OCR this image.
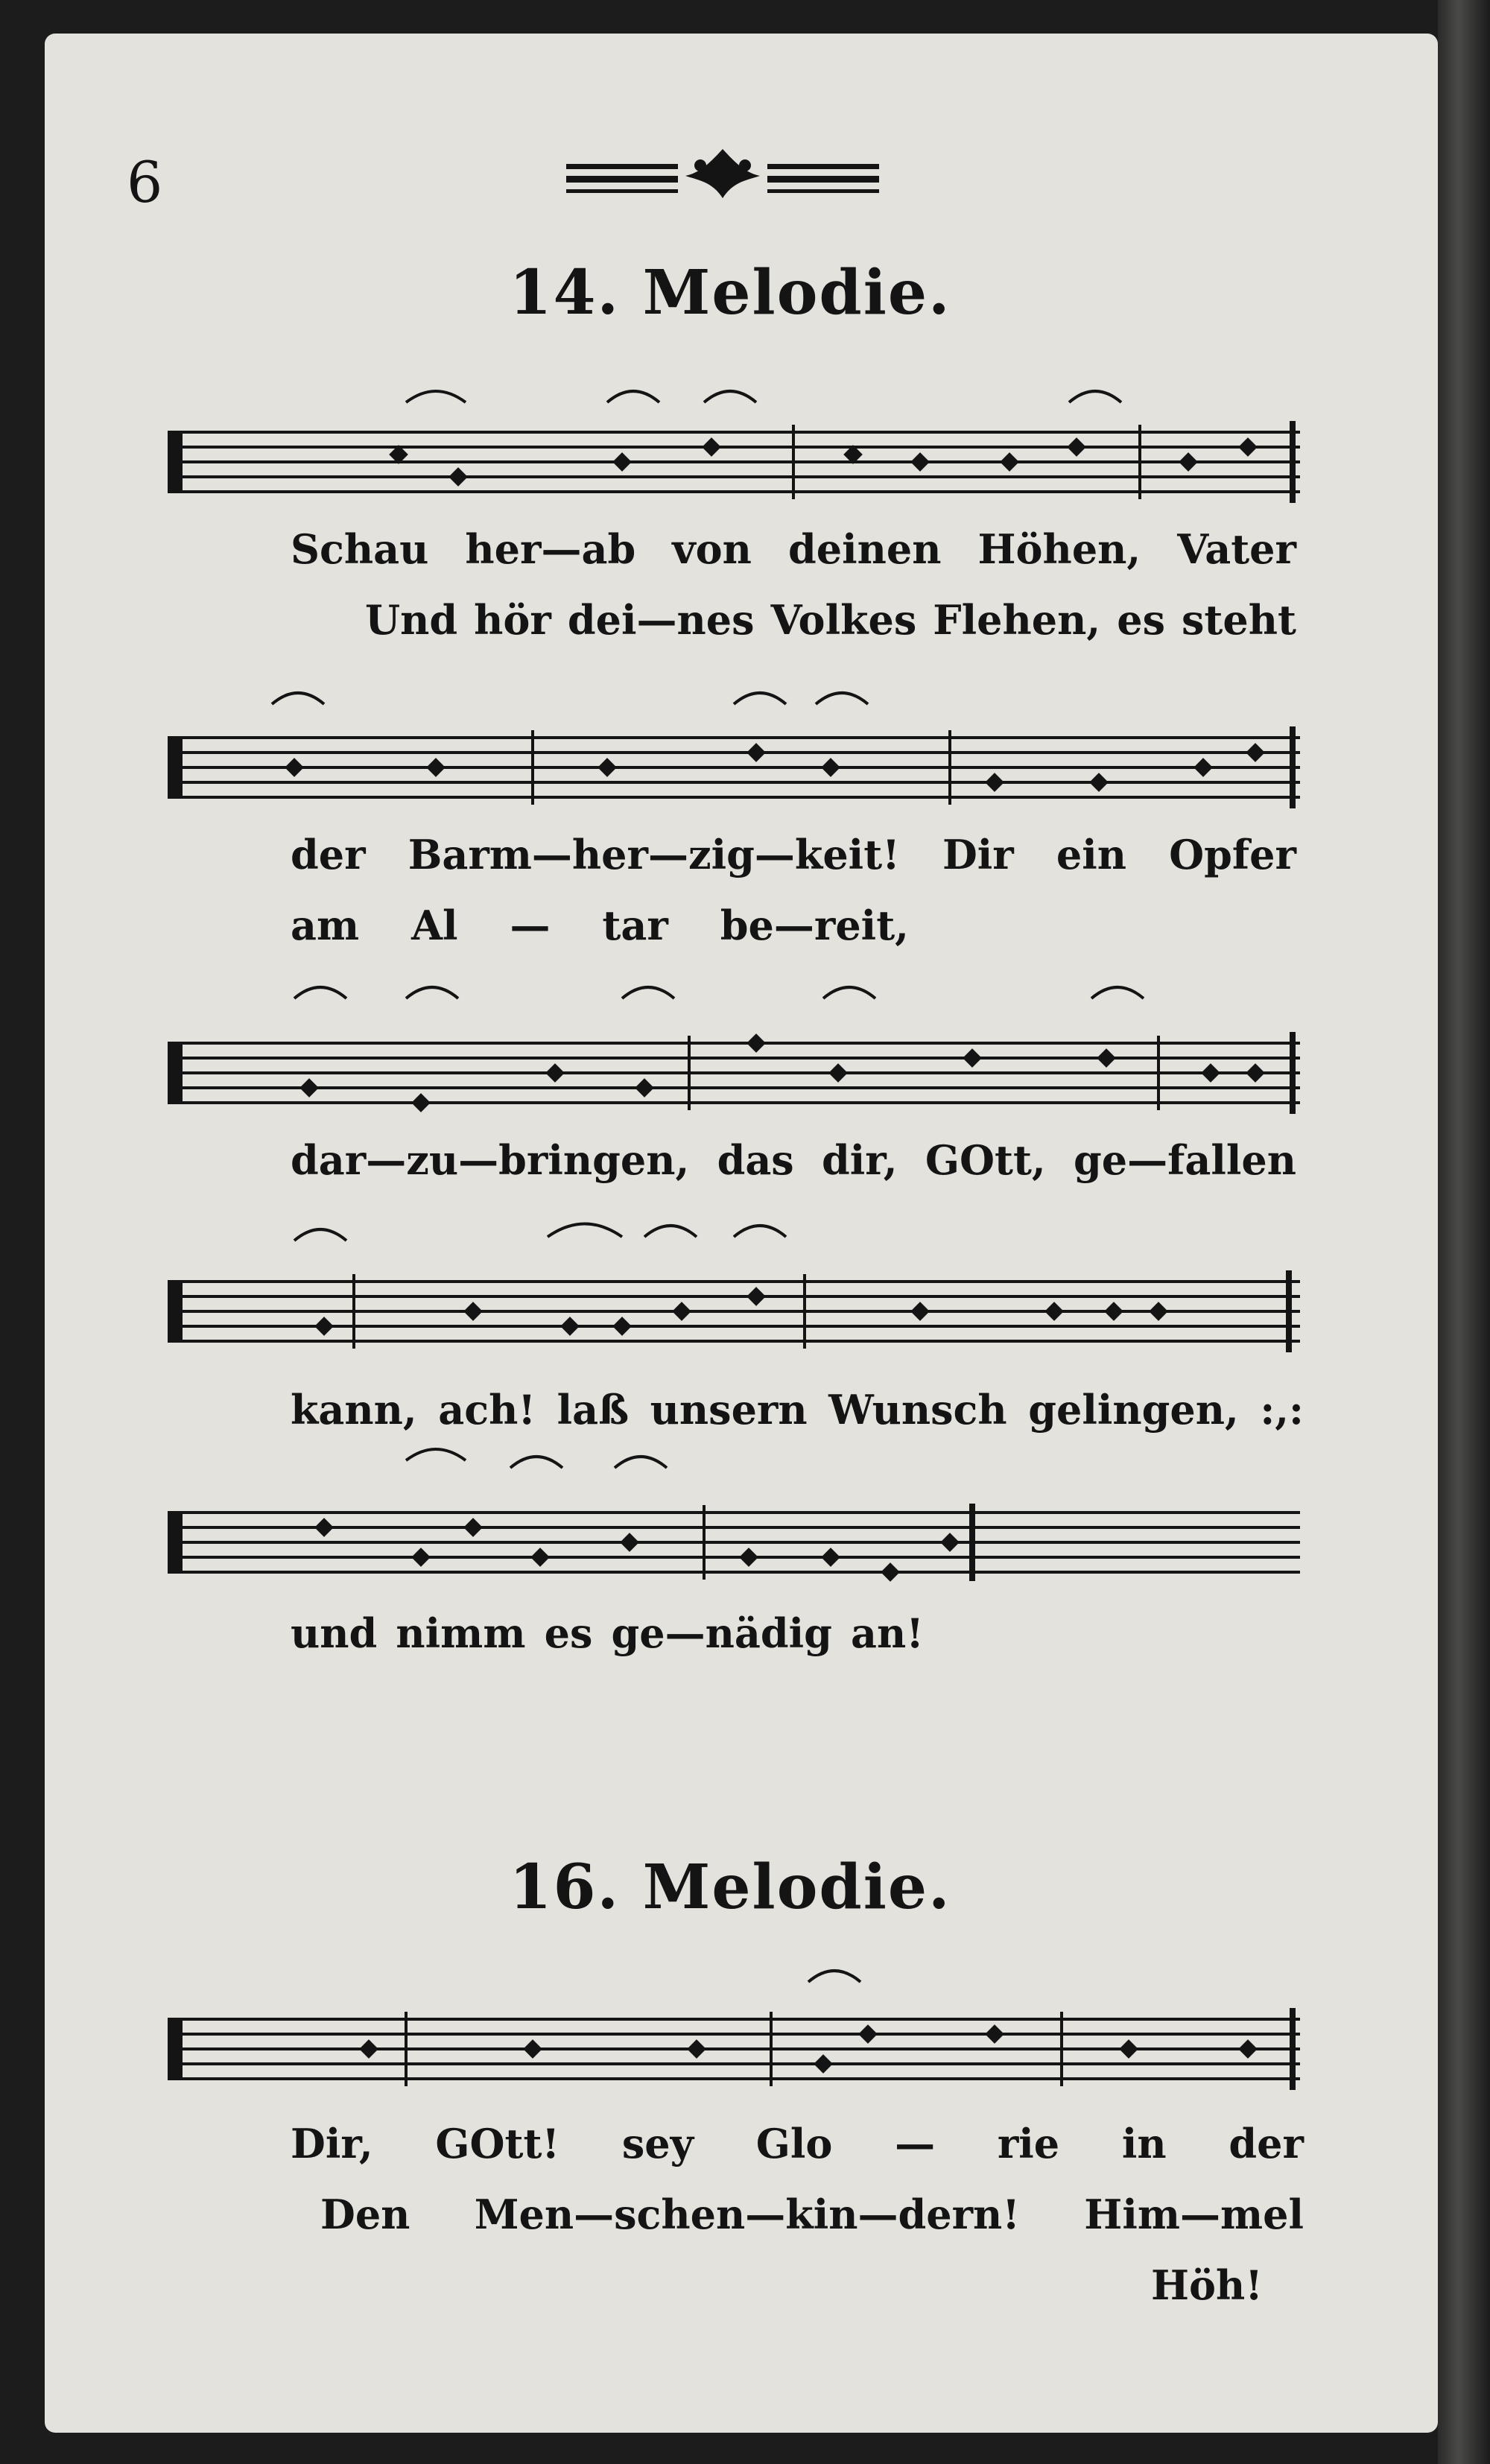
6
14. Melodie.
Schau her—ab von deinen Höhen, Vater
Und hör dei—nes Volkes Flehen, es steht
der Barm—her—zig—keit! Dir ein Opfer
am Al — tar be—reit,
dar—zu—bringen, das dir, GOtt, ge—fallen
kann, ach! laß unsern Wunsch gelingen, :,:
und nimm es ge—nädig an!
16. Melodie.
Dir, GOtt! sey Glo — rie in der
Den Men—schen—kin—dern! Him—mel
Höh!
